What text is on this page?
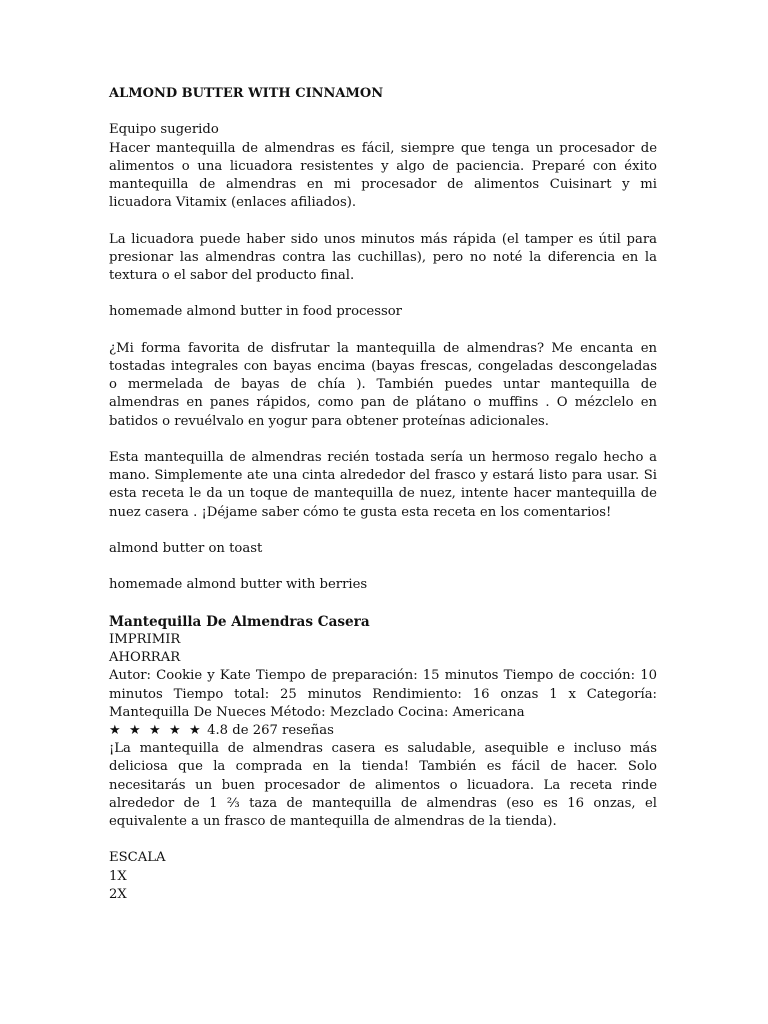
ALMOND BUTTER WITH CINNAMON

Equipo sugerido

Hacer mantequilla de almendras es fácil, siempre que tenga un procesador de alimentos o una licuadora resistentes y algo de paciencia. Preparé con éxito mantequilla de almendras en mi procesador de alimentos Cuisinart y mi licuadora Vitamix (enlaces afiliados).

La licuadora puede haber sido unos minutos más rápida (el tamper es útil para presionar las almendras contra las cuchillas), pero no noté la diferencia en la textura o el sabor del producto final.

homemade almond butter in food processor

¿Mi forma favorita de disfrutar la mantequilla de almendras? Me encanta en tostadas integrales con bayas encima (bayas frescas, congeladas descongeladas o mermelada de bayas de chía ). También puedes untar mantequilla de almendras en panes rápidos, como pan de plátano o muffins . O mézclelo en batidos o revuélvalo en yogur para obtener proteínas adicionales.

Esta mantequilla de almendras recién tostada sería un hermoso regalo hecho a mano. Simplemente ate una cinta alrededor del frasco y estará listo para usar. Si esta receta le da un toque de mantequilla de nuez, intente hacer mantequilla de nuez casera . ¡Déjame saber cómo te gusta esta receta en los comentarios!

almond butter on toast

homemade almond butter with berries

Mantequilla De Almendras Casera

IMPRIMIR

AHORRAR

Autor: Cookie y Kate Tiempo de preparación: 15 minutos Tiempo de cocción: 10 minutos Tiempo total: 25 minutos Rendimiento: 16 onzas 1 x Categoría: Mantequilla De Nueces Método: Mezclado Cocina: Americana

★ ★ ★ ★ ★ 4.8 de 267 reseñas

¡La mantequilla de almendras casera es saludable, asequible e incluso más deliciosa que la comprada en la tienda! También es fácil de hacer. Solo necesitarás un buen procesador de alimentos o licuadora. La receta rinde alrededor de 1 ⅔ taza de mantequilla de almendras (eso es 16 onzas, el equivalente a un frasco de mantequilla de almendras de la tienda).

ESCALA

1X

2X
